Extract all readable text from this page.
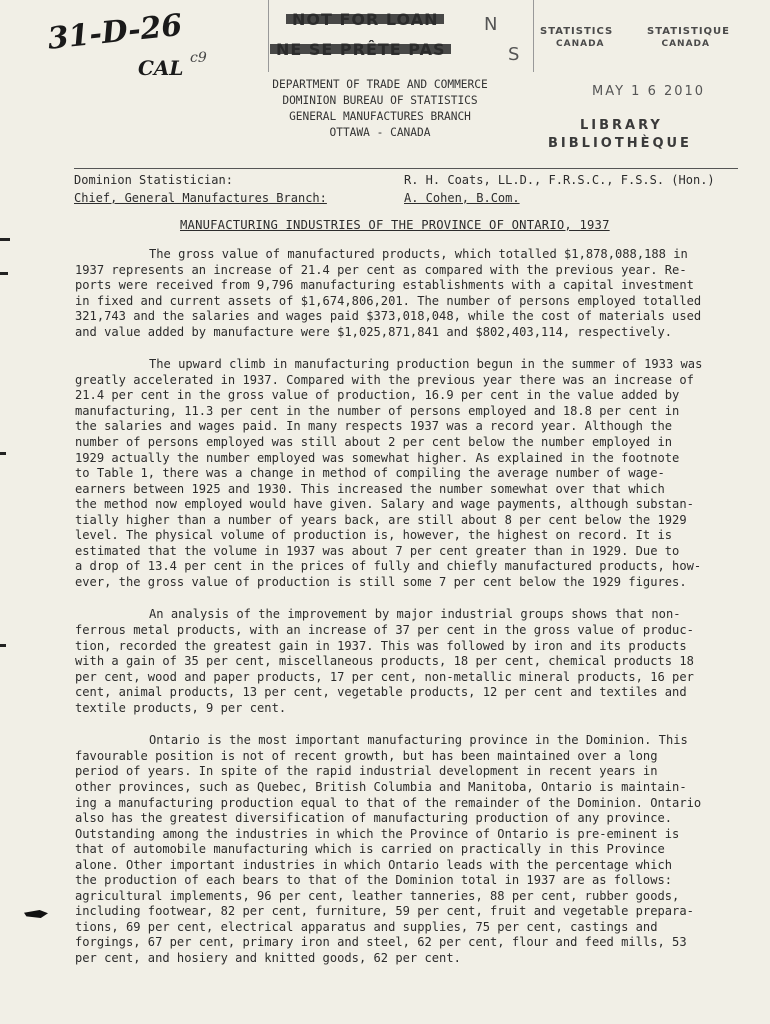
31-D-26
CAL c9
N
S
DEPARTMENT OF TRADE AND COMMERCE
DOMINION BUREAU OF STATISTICS
GENERAL MANUFACTURES BRANCH
OTTAWA - CANADA
STATISTICS	STATISTIQUE
CANADA	CANADA
MAY 1 6 2010
LIBRARY
BIBLIOTHÈQUE
Dominion Statistician:	R. H. Coats, LL.D., F.R.S.C., F.S.S. (Hon.)
Chief, General Manufactures Branch:	A. Cohen, B.Com.
MANUFACTURING INDUSTRIES OF THE PROVINCE OF ONTARIO, 1937

The gross value of manufactured products, which totalled $1,878,088,188 in
1937 represents an increase of 21.4 per cent as compared with the previous year. Re-
ports were received from 9,796 manufacturing establishments with a capital investment
in fixed and current assets of $1,674,806,201. The number of persons employed totalled
321,743 and the salaries and wages paid $373,018,048, while the cost of materials used
and value added by manufacture were $1,025,871,841 and $802,403,114, respectively.

The upward climb in manufacturing production begun in the summer of 1933 was
greatly accelerated in 1937. Compared with the previous year there was an increase of
21.4 per cent in the gross value of production, 16.9 per cent in the value added by
manufacturing, 11.3 per cent in the number of persons employed and 18.8 per cent in
the salaries and wages paid. In many respects 1937 was a record year. Although the
number of persons employed was still about 2 per cent below the number employed in
1929 actually the number employed was somewhat higher. As explained in the footnote
to Table 1, there was a change in method of compiling the average number of wage-
earners between 1925 and 1930. This increased the number somewhat over that which
the method now employed would have given. Salary and wage payments, although substan-
tially higher than a number of years back, are still about 8 per cent below the 1929
level. The physical volume of production is, however, the highest on record. It is
estimated that the volume in 1937 was about 7 per cent greater than in 1929. Due to
a drop of 13.4 per cent in the prices of fully and chiefly manufactured products, how-
ever, the gross value of production is still some 7 per cent below the 1929 figures.

An analysis of the improvement by major industrial groups shows that non-
ferrous metal products, with an increase of 37 per cent in the gross value of produc-
tion, recorded the greatest gain in 1937. This was followed by iron and its products
with a gain of 35 per cent, miscellaneous products, 18 per cent, chemical products 18
per cent, wood and paper products, 17 per cent, non-metallic mineral products, 16 per
cent, animal products, 13 per cent, vegetable products, 12 per cent and textiles and
textile products, 9 per cent.

Ontario is the most important manufacturing province in the Dominion. This
favourable position is not of recent growth, but has been maintained over a long
period of years. In spite of the rapid industrial development in recent years in
other provinces, such as Quebec, British Columbia and Manitoba, Ontario is maintain-
ing a manufacturing production equal to that of the remainder of the Dominion. Ontario
also has the greatest diversification of manufacturing production of any province.
Outstanding among the industries in which the Province of Ontario is pre-eminent is
that of automobile manufacturing which is carried on practically in this Province
alone. Other important industries in which Ontario leads with the percentage which
the production of each bears to that of the Dominion total in 1937 are as follows:
agricultural implements, 96 per cent, leather tanneries, 88 per cent, rubber goods,
including footwear, 82 per cent, furniture, 59 per cent, fruit and vegetable prepara-
tions, 69 per cent, electrical apparatus and supplies, 75 per cent, castings and
forgings, 67 per cent, primary iron and steel, 62 per cent, flour and feed mills, 53
per cent, and hosiery and knitted goods, 62 per cent.
